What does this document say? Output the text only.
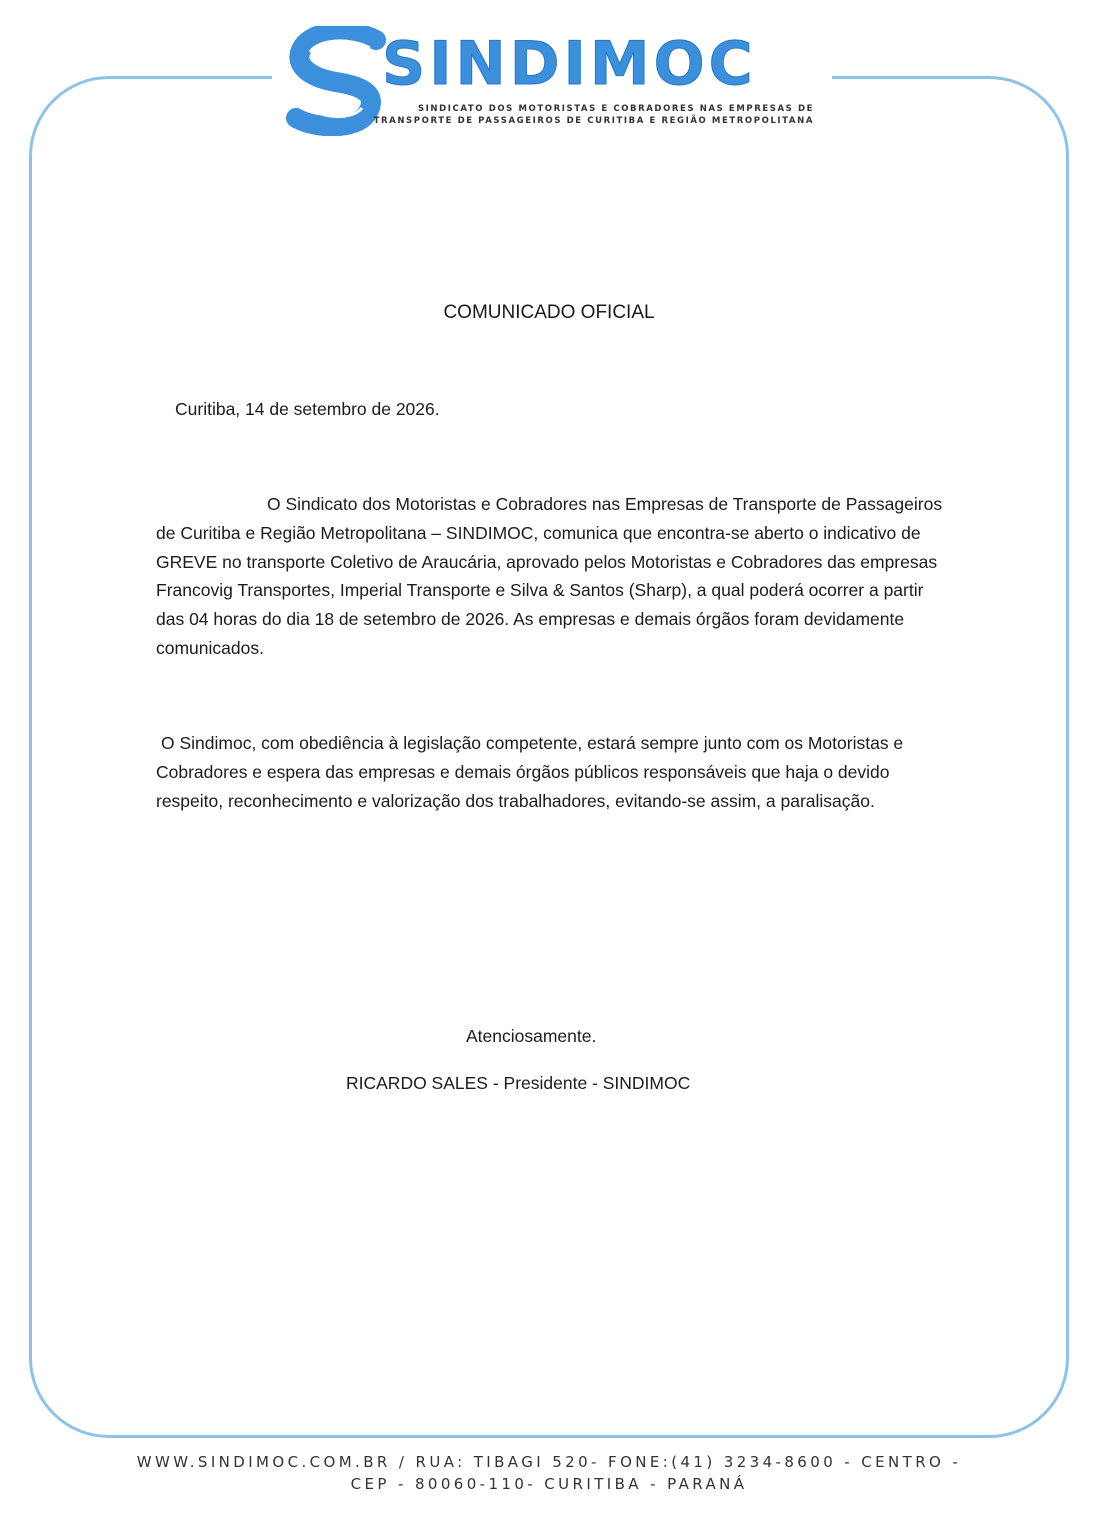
SINDIMOC
SINDICATO DOS MOTORISTAS E COBRADORES NAS EMPRESAS DE
TRANSPORTE DE PASSAGEIROS DE CURITIBA E REGIÃO METROPOLITANA
COMUNICADO OFICIAL
Curitiba, 14 de setembro de 2026.

O Sindicato dos Motoristas e Cobradores nas Empresas de Transporte de Passageiros de Curitiba e Região Metropolitana – SINDIMOC, comunica que encontra-se aberto o indicativo de GREVE no transporte Coletivo de Araucária, aprovado pelos Motoristas e Cobradores das empresas Francovig Transportes, Imperial Transporte e Silva & Santos (Sharp), a qual poderá ocorrer a partir das 04 horas do dia 18 de setembro de 2026. As empresas e demais órgãos foram devidamente comunicados.

O Sindimoc, com obediência à legislação competente, estará sempre junto com os Motoristas e Cobradores e espera das empresas e demais órgãos públicos responsáveis que haja o devido respeito, reconhecimento e valorização dos trabalhadores, evitando-se assim, a paralisação.

Atenciosamente.
RICARDO SALES - Presidente - SINDIMOC
WWW.SINDIMOC.COM.BR / RUA: TIBAGI 520- FONE:(41) 3234-8600 - CENTRO -
CEP - 80060-110- CURITIBA - PARANÁ
